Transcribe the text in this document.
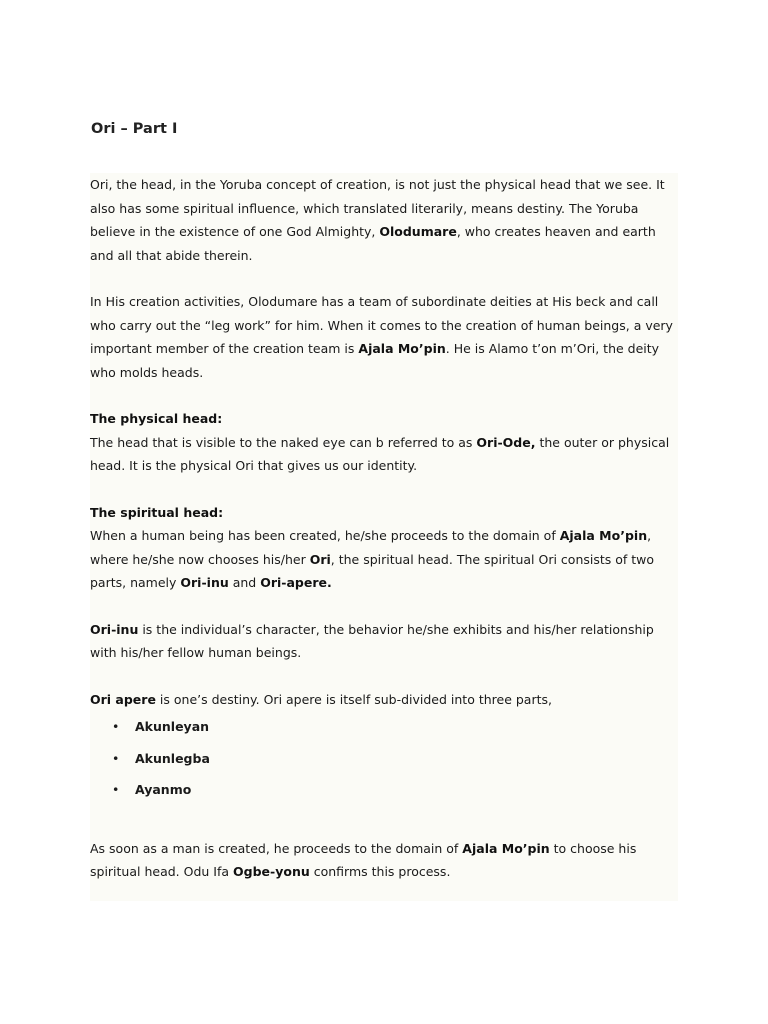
Ori – Part I

Ori, the head, in the Yoruba concept of creation, is not just the physical head that we see. It also has some spiritual influence, which translated literarily, means destiny. The Yoruba believe in the existence of one God Almighty, Olodumare, who creates heaven and earth and all that abide therein.

In His creation activities, Olodumare has a team of subordinate deities at His beck and call who carry out the “leg work” for him. When it comes to the creation of human beings, a very important member of the creation team is Ajala Mo’pin. He is Alamo t’on m’Ori, the deity who molds heads.

The physical head:

The head that is visible to the naked eye can b referred to as Ori-Ode, the outer or physical head. It is the physical Ori that gives us our identity.

The spiritual head:

When a human being has been created, he/she proceeds to the domain of Ajala Mo’pin, where he/she now chooses his/her Ori, the spiritual head. The spiritual Ori consists of two parts, namely Ori-inu and Ori-apere.

Ori-inu is the individual’s character, the behavior he/she exhibits and his/her relationship with his/her fellow human beings.

Ori apere is one’s destiny. Ori apere is itself sub-divided into three parts,

• Akunleyan
• Akunlegba
• Ayanmo

As soon as a man is created, he proceeds to the domain of Ajala Mo’pin to choose his spiritual head. Odu Ifa Ogbe-yonu confirms this process.
